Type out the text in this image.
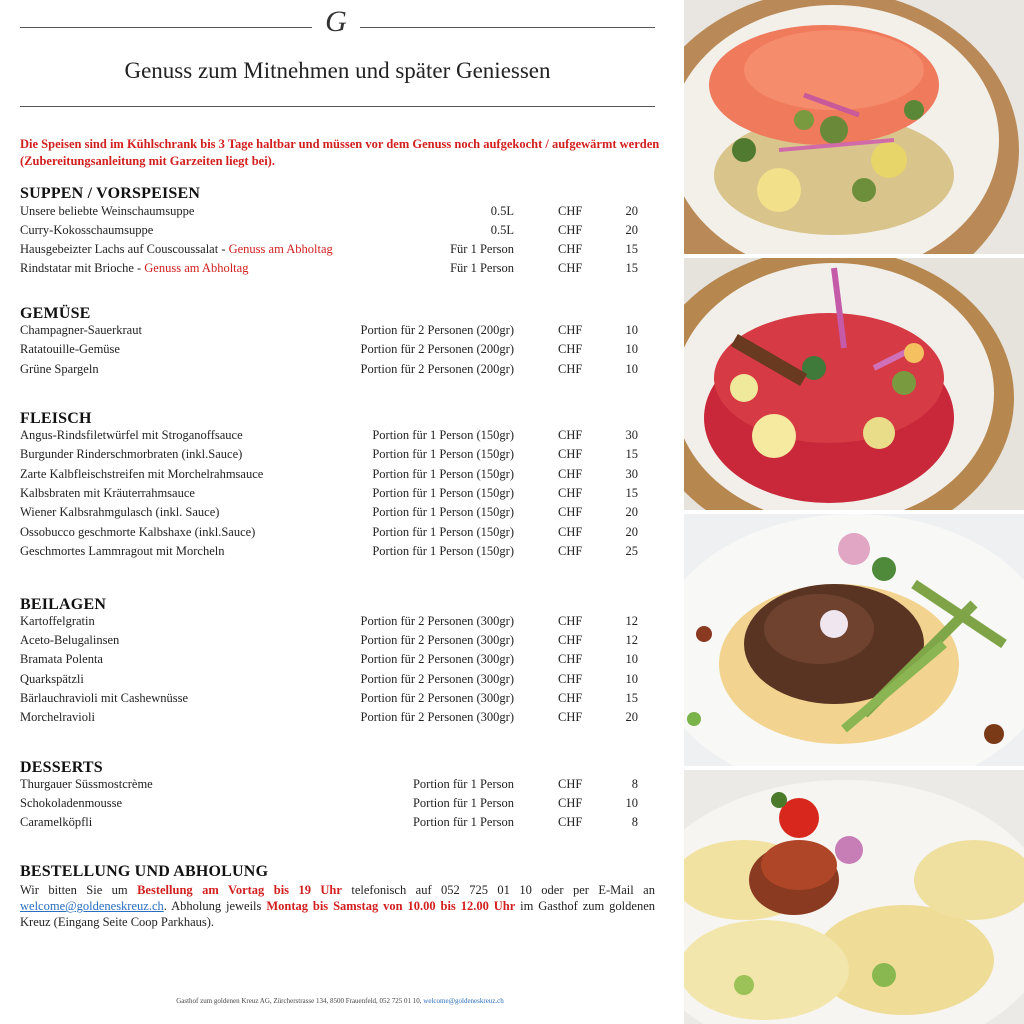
G
Genuss zum Mitnehmen und später Geniessen
Die Speisen sind im Kühlschrank bis 3 Tage haltbar und müssen vor dem Genuss noch aufgekocht / aufgewärmt werden (Zubereitungsanleitung mit Garzeiten liegt bei).
SUPPEN / VORSPEISEN
Unsere beliebte Weinschaumsuppe	0.5L	CHF	20
Curry-Kokosschaumsuppe	0.5L	CHF	20
Hausgebeizter Lachs auf Couscoussalat - Genuss am Abholtag	Für 1 Person	CHF	15
Rindstatar mit Brioche - Genuss am Abholtag	Für 1 Person	CHF	15
GEMÜSE
Champagner-Sauerkraut	Portion für 2 Personen (200gr)	CHF	10
Ratatouille-Gemüse	Portion für 2 Personen (200gr)	CHF	10
Grüne Spargeln	Portion für 2 Personen (200gr)	CHF	10
FLEISCH
Angus-Rindsfiletwürfel mit Stroganoffsauce	Portion für 1 Person (150gr)	CHF	30
Burgunder Rinderschmorbraten (inkl.Sauce)	Portion für 1 Person (150gr)	CHF	15
Zarte Kalbfleischstreifen mit Morchelrahmsauce	Portion für 1 Person (150gr)	CHF	30
Kalbsbraten mit Kräuterrahmsauce	Portion für 1 Person (150gr)	CHF	15
Wiener Kalbsrahmgulasch (inkl. Sauce)	Portion für 1 Person (150gr)	CHF	20
Ossobucco geschmorte Kalbshaxe (inkl.Sauce)	Portion für 1 Person (150gr)	CHF	20
Geschmortes Lammragout mit Morcheln	Portion für 1 Person (150gr)	CHF	25
BEILAGEN
Kartoffelgratin	Portion für 2 Personen (300gr)	CHF	12
Aceto-Belugalinsen	Portion für 2 Personen (300gr)	CHF	12
Bramata Polenta	Portion für 2 Personen (300gr)	CHF	10
Quarkspätzli	Portion für 2 Personen (300gr)	CHF	10
Bärlauchravioli mit Cashewnüsse	Portion für 2 Personen (300gr)	CHF	15
Morchelravioli	Portion für 2 Personen (300gr)	CHF	20
DESSERTS
Thurgauer Süssmostcrème	Portion für 1 Person	CHF	8
Schokoladenmousse	Portion für 1 Person	CHF	10
Caramelköpfli	Portion für 1 Person	CHF	8
BESTELLUNG UND ABHOLUNG
Wir bitten Sie um Bestellung am Vortag bis 19 Uhr telefonisch auf 052 725 01 10 oder per E-Mail an welcome@goldeneskreuz.ch. Abholung jeweils Montag bis Samstag von 10.00 bis 12.00 Uhr im Gasthof zum goldenen Kreuz (Eingang Seite Coop Parkhaus).
Gasthof zum goldenen Kreuz AG, Zürcherstrasse 134, 8500 Frauenfeld, 052 725 01 10, welcome@goldeneskreuz.ch
